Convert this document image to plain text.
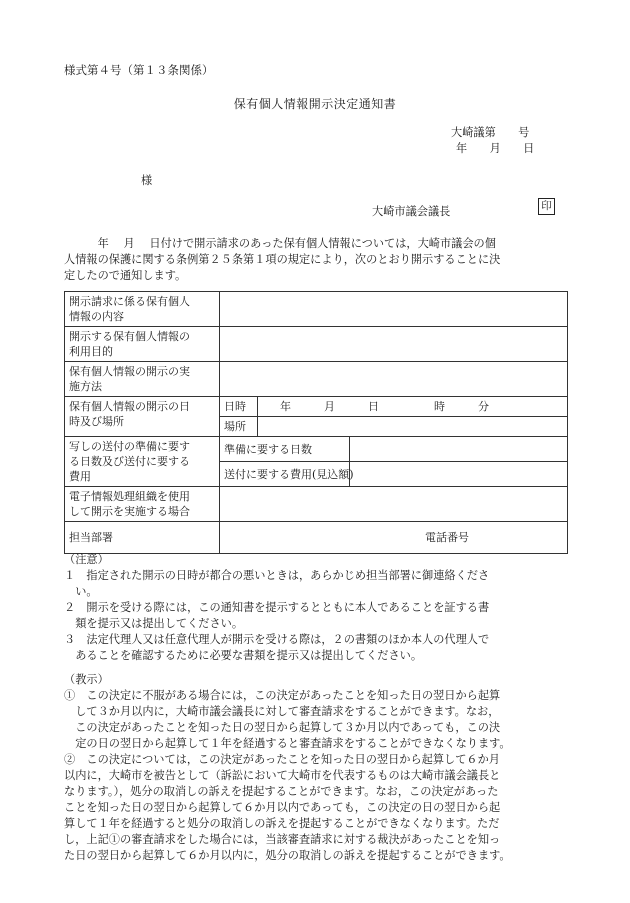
様式第４号（第１３条関係）
保有個人情報開示決定通知書
大崎議第　　号
年　　月　　日
様
大崎市議会議長	印
　　　年　 月　 日付けで開示請求のあった保有個人情報については，大崎市議会の個
人情報の保護に関する条例第２５条第１項の規定により，次のとおり開示することに決
定したので通知します。
開示請求に係る保有個人
情報の内容			

開示する保有個人情報の
利用目的			

保有個人情報の開示の実
施方法			

保有個人情報の開示の日
時及び場所	日時	年　　　月　　　日　　　　　時　　　分	
	場所		

写しの送付の準備に要す
る日数及び送付に要する
費用	準備に要する日数		
	送付に要する費用(見込額)		

電子情報処理組織を使用
して開示を実施する場合			

担当部署	電話番号		
（注意）
１　指定された開示の日時が都合の悪いときは，あらかじめ担当部署に御連絡くださ
　い。
２　開示を受ける際には，この通知書を提示するとともに本人であることを証する書
　類を提示又は提出してください。
３　法定代理人又は任意代理人が開示を受ける際は，２の書類のほか本人の代理人で
　あることを確認するために必要な書類を提示又は提出してください。
（教示）
①　この決定に不服がある場合には，この決定があったことを知った日の翌日から起算
　して３か月以内に，大崎市議会議長に対して審査請求をすることができます。なお，
　この決定があったことを知った日の翌日から起算して３か月以内であっても，この決
　定の日の翌日から起算して１年を経過すると審査請求をすることができなくなります。
②　この決定については，この決定があったことを知った日の翌日から起算して６か月
以内に，大崎市を被告として（訴訟において大崎市を代表するものは大崎市議会議長と
なります。），処分の取消しの訴えを提起することができます。なお，この決定があった
ことを知った日の翌日から起算して６か月以内であっても，この決定の日の翌日から起
算して１年を経過すると処分の取消しの訴えを提起することができなくなります。ただ
し，上記①の審査請求をした場合には，当該審査請求に対する裁決があったことを知っ
た日の翌日から起算して６か月以内に，処分の取消しの訴えを提起することができます。
